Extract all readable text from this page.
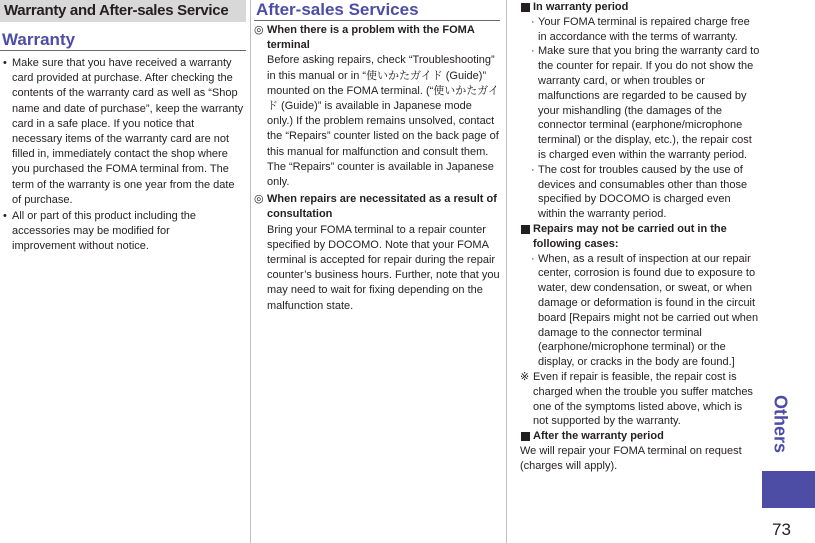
Warranty and After-sales Service
Warranty
• Make sure that you have received a warranty card provided at purchase. After checking the contents of the warranty card as well as “Shop name and date of purchase”, keep the warranty card in a safe place. If you notice that necessary items of the warranty card are not filled in, immediately contact the shop where you purchased the FOMA terminal from. The term of the warranty is one year from the date of purchase.
• All or part of this product including the accessories may be modified for improvement without notice.
After-sales Services
◎ When there is a problem with the FOMA terminal
Before asking repairs, check “Troubleshooting” in this manual or in “使いかたガイド (Guide)” mounted on the FOMA terminal. (“使いかたガイド (Guide)” is available in Japanese mode only.) If the problem remains unsolved, contact the “Repairs” counter listed on the back page of this manual for malfunction and consult them.
The “Repairs” counter is available in Japanese only.
◎ When repairs are necessitated as a result of consultation
Bring your FOMA terminal to a repair counter specified by DOCOMO. Note that your FOMA terminal is accepted for repair during the repair counter’s business hours. Further, note that you may need to wait for fixing depending on the malfunction state.
In warranty period
· Your FOMA terminal is repaired charge free in accordance with the terms of warranty.
· Make sure that you bring the warranty card to the counter for repair. If you do not show the warranty card, or when troubles or malfunctions are regarded to be caused by your mishandling (the damages of the connector terminal (earphone/microphone terminal) or the display, etc.), the repair cost is charged even within the warranty period.
· The cost for troubles caused by the use of devices and consumables other than those specified by DOCOMO is charged even within the warranty period.
Repairs may not be carried out in the following cases:
· When, as a result of inspection at our repair center, corrosion is found due to exposure to water, dew condensation, or sweat, or when damage or deformation is found in the circuit board [Repairs might not be carried out when damage to the connector terminal (earphone/microphone terminal) or the display, or cracks in the body are found.]
※ Even if repair is feasible, the repair cost is charged when the trouble you suffer matches one of the symptoms listed above, which is not supported by the warranty.
After the warranty period
We will repair your FOMA terminal on request (charges will apply).
Others
73
